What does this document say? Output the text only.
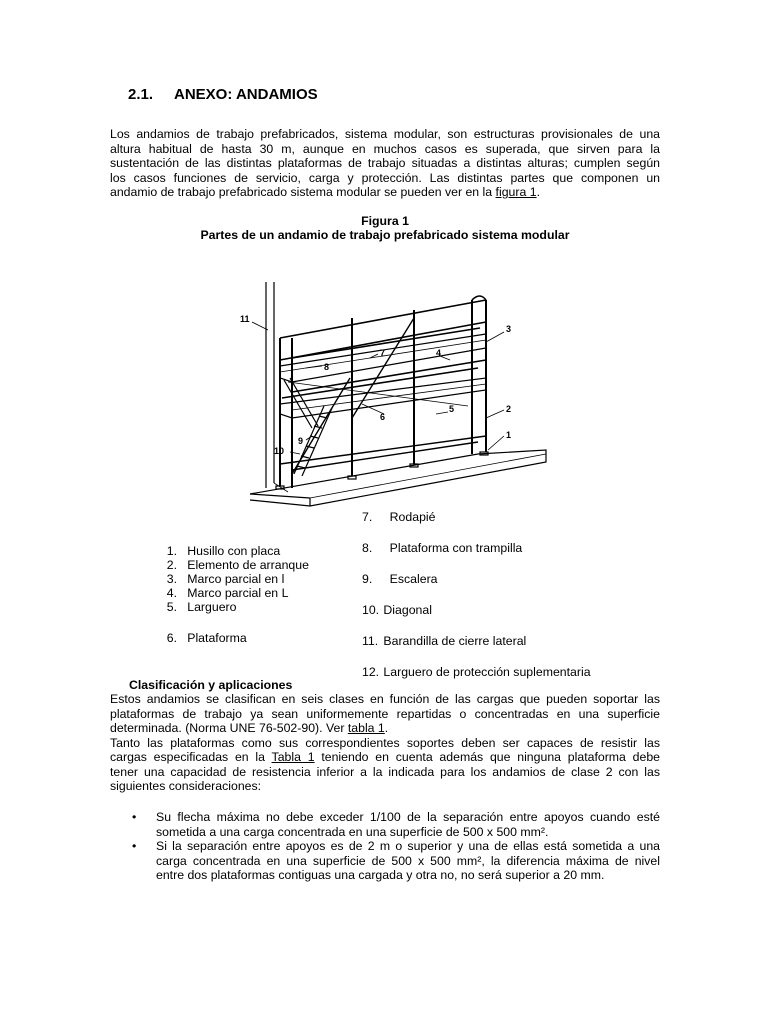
2.1. ANEXO: ANDAMIOS
Los andamios de trabajo prefabricados, sistema modular, son estructuras provisionales de una
altura habitual de hasta 30 m, aunque en muchos casos es superada, que sirven para la
sustentación de las distintas plataformas de trabajo situadas a distintas alturas; cumplen según
los casos funciones de servicio, carga y protección. Las distintas partes que componen un
andamio de trabajo prefabricado sistema modular se pueden ver en la figura 1.
Figura 1
Partes de un andamio de trabajo prefabricado sistema modular
1
2
3
4
5
6
7
8
9
10
11
1. Husillo con placa
2. Elemento de arranque
3. Marco parcial en l
4. Marco parcial en L
5. Larguero
6. Plataforma
7. Rodapié
8. Plataforma con trampilla
9. Escalera
10. Diagonal
11. Barandilla de cierre lateral
12. Larguero de protección suplementaria
Clasificación y aplicaciones
Estos andamios se clasifican en seis clases en función de las cargas que pueden soportar las
plataformas de trabajo ya sean uniformemente repartidas o concentradas en una superficie
determinada. (Norma UNE 76-502-90). Ver tabla 1.
Tanto las plataformas como sus correspondientes soportes deben ser capaces de resistir las
cargas especificadas en la Tabla 1 teniendo en cuenta además que ninguna plataforma debe
tener una capacidad de resistencia inferior a la indicada para los andamios de clase 2 con las
siguientes consideraciones:
• Su flecha máxima no debe exceder 1/100 de la separación entre apoyos cuando esté
sometida a una carga concentrada en una superficie de 500 x 500 mm².
• Si la separación entre apoyos es de 2 m o superior y una de ellas está sometida a una
carga concentrada en una superficie de 500 x 500 mm², la diferencia máxima de nivel
entre dos plataformas contiguas una cargada y otra no, no será superior a 20 mm.
